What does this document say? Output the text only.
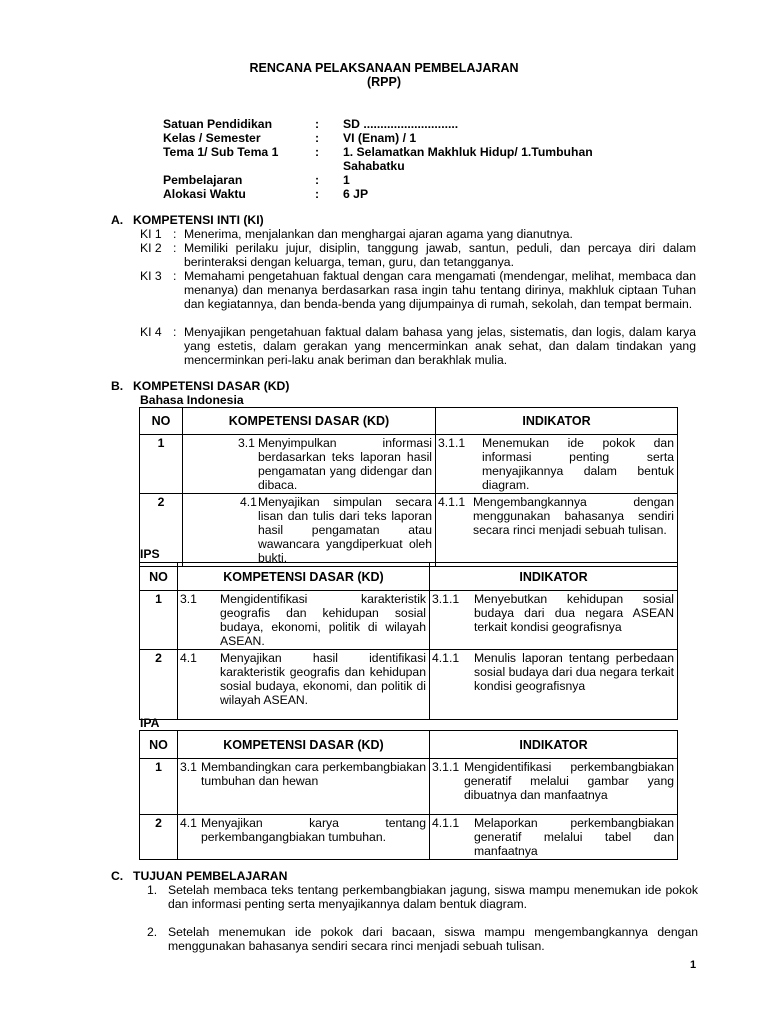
RENCANA PELAKSANAAN PEMBELAJARAN
(RPP)
Satuan Pendidikan	:	SD ............................
Kelas / Semester	:	VI (Enam) / 1
Tema 1/ Sub Tema 1	:	1. Selamatkan Makhluk Hidup/ 1.Tumbuhan
Sahabatku
Pembelajaran	:	1
Alokasi Waktu	:	6 JP
A. KOMPETENSI INTI (KI)
KI 1 : Menerima, menjalankan dan menghargai ajaran agama yang dianutnya.
KI 2 : Memiliki perilaku jujur, disiplin, tanggung jawab, santun, peduli, dan percaya diri dalam berinteraksi dengan keluarga, teman, guru, dan tetangganya.
KI 3 : Memahami pengetahuan faktual dengan cara mengamati (mendengar, melihat, membaca dan menanya) dan menanya berdasarkan rasa ingin tahu tentang dirinya, makhluk ciptaan Tuhan dan kegiatannya, dan benda-benda yang dijumpainya di rumah, sekolah, dan tempat bermain.
KI 4 : Menyajikan pengetahuan faktual dalam bahasa yang jelas, sistematis, dan logis, dalam karya yang estetis, dalam gerakan yang mencerminkan anak sehat, dan dalam tindakan yang mencerminkan peri-laku anak beriman dan berakhlak mulia.
B. KOMPETENSI DASAR (KD)
Bahasa Indonesia
NO	KOMPETENSI DASAR (KD)	INDIKATOR
1	3.1 Menyimpulkan informasi berdasarkan teks laporan hasil pengamatan yang didengar dan dibaca.	3.1.1 Menemukan ide pokok dan informasi penting serta menyajikannya dalam bentuk diagram.

2	4.1 Menyajikan simpulan secara lisan dan tulis dari teks laporan hasil pengamatan atau wawancara yangdiperkuat oleh bukti.	4.1.1 Mengembangkannya dengan menggunakan bahasanya sendiri secara rinci menjadi sebuah tulisan.
IPS
NO	KOMPETENSI DASAR (KD)	INDIKATOR
1	3.1 Mengidentifikasi karakteristik geografis dan kehidupan sosial budaya, ekonomi, politik di wilayah ASEAN.	3.1.1 Menyebutkan kehidupan sosial budaya dari dua negara ASEAN terkait kondisi geografisnya

2	4.1 Menyajikan hasil identifikasi karakteristik geografis dan kehidupan sosial budaya, ekonomi, dan politik di wilayah ASEAN.	4.1.1 Menulis laporan tentang perbedaan sosial budaya dari dua negara terkait kondisi geografisnya
IPA
NO	KOMPETENSI DASAR (KD)	INDIKATOR
1	3.1 Membandingkan cara perkembangbiakan tumbuhan dan hewan	3.1.1 Mengidentifikasi perkembangbiakan generatif melalui gambar yang dibuatnya dan manfaatnya

2	4.1 Menyajikan karya tentang perkembangangbiakan tumbuhan.	4.1.1 Melaporkan perkembangbiakan generatif melalui tabel dan manfaatnya
C. TUJUAN PEMBELAJARAN
1. Setelah membaca teks tentang perkembangbiakan jagung, siswa mampu menemukan ide pokok dan informasi penting serta menyajikannya dalam bentuk diagram.
2. Setelah menemukan ide pokok dari bacaan, siswa mampu mengembangkannya dengan menggunakan bahasanya sendiri secara rinci menjadi sebuah tulisan.
1
